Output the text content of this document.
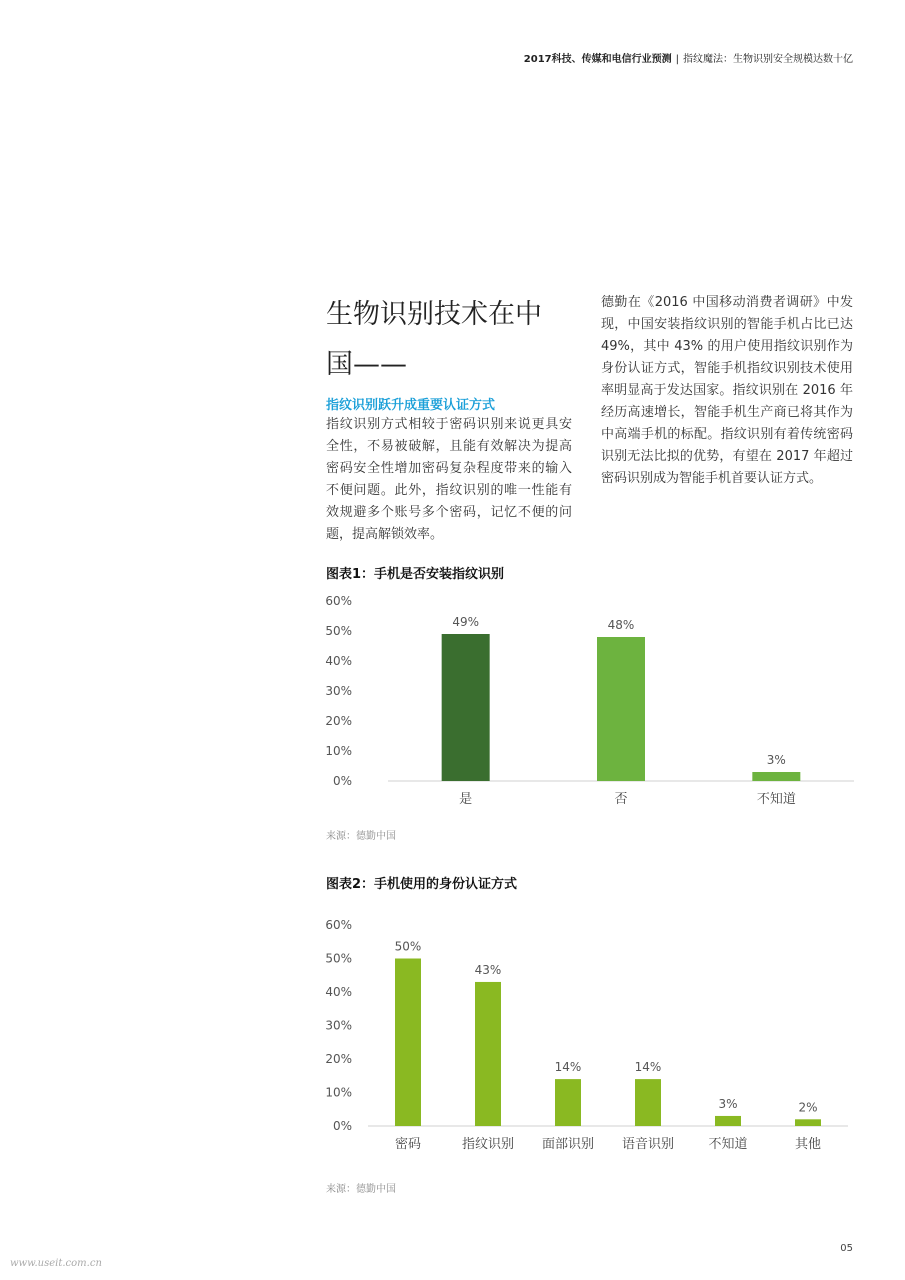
2017科技、传媒和电信行业预测 | 指纹魔法：生物识别安全规模达数十亿
生物识别技术在中
国——
指纹识别跃升成重要认证方式
指纹识别方式相较于密码识别来说更具安全性，不易被破解，且能有效解决为提高密码安全性增加密码复杂程度带来的输入不便问题。此外，指纹识别的唯一性能有效规避多个账号多个密码，记忆不便的问题，提高解锁效率。
德勤在《2016 中国移动消费者调研》中发现，中国安装指纹识别的智能手机占比已达 49%，其中 43% 的用户使用指纹识别作为身份认证方式，智能手机指纹识别技术使用率明显高于发达国家。指纹识别在 2016 年经历高速增长，智能手机生产商已将其作为中高端手机的标配。指纹识别有着传统密码识别无法比拟的优势，有望在 2017 年超过密码识别成为智能手机首要认证方式。
图表1：手机是否安装指纹识别
0%
10%
20%
30%
40%
50%
60%
49%
是
48%
否
3%
不知道
来源：德勤中国
图表2：手机使用的身份认证方式
0%
10%
20%
30%
40%
50%
60%
50%
密码
43%
指纹识别
14%
面部识别
14%
语音识别
3%
不知道
2%
其他
来源：德勤中国
05
www.useit.com.cn
